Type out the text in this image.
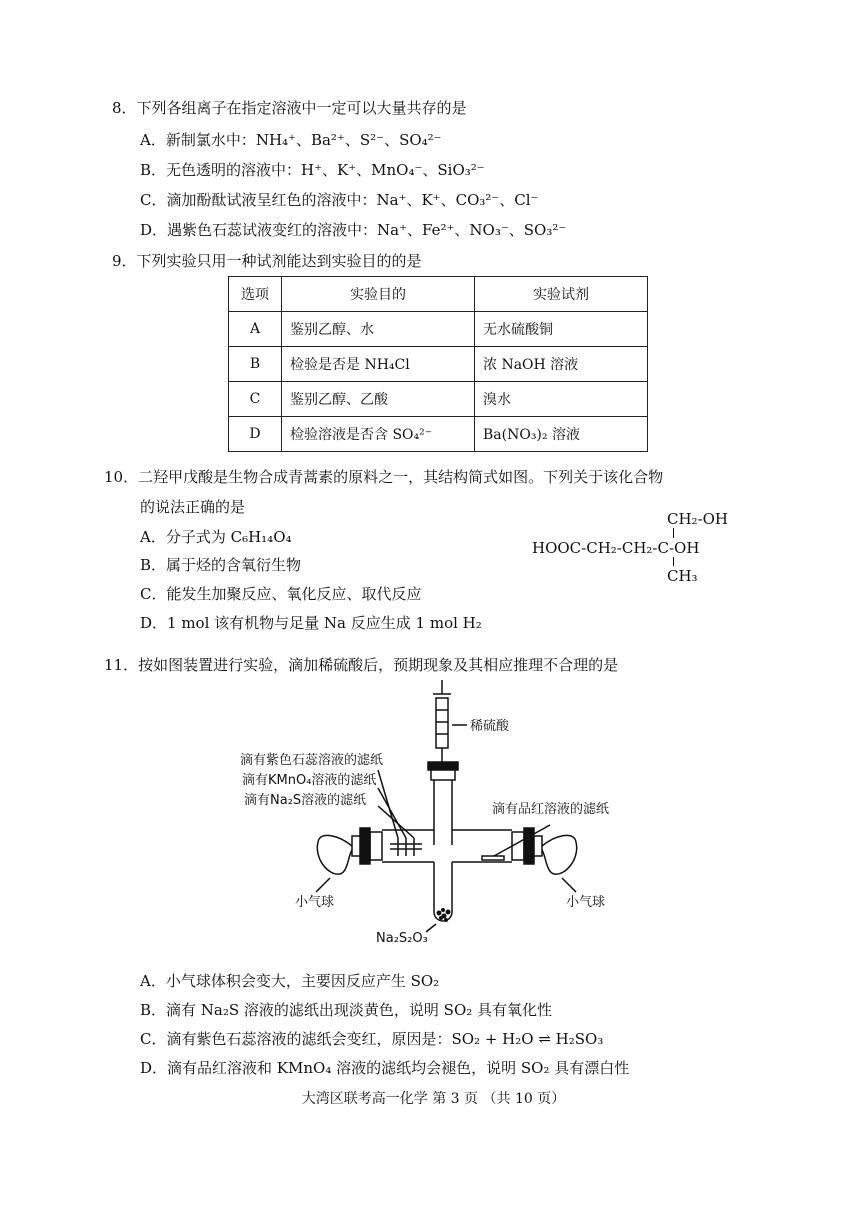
8．下列各组离子在指定溶液中一定可以大量共存的是
A．新制氯水中：NH₄⁺、Ba²⁺、S²⁻、SO₄²⁻
B．无色透明的溶液中：H⁺、K⁺、MnO₄⁻、SiO₃²⁻
C．滴加酚酞试液呈红色的溶液中：Na⁺、K⁺、CO₃²⁻、Cl⁻
D．遇紫色石蕊试液变红的溶液中：Na⁺、Fe²⁺、NO₃⁻、SO₃²⁻
9．下列实验只用一种试剂能达到实验目的的是
选项	实验目的	实验试剂
A	鉴别乙醇、水	无水硫酸铜
B	检验是否是 NH₄Cl	浓 NaOH 溶液
C	鉴别乙醇、乙酸	溴水
D	检验溶液是否含 SO₄²⁻	Ba(NO₃)₂ 溶液
10．二羟甲戊酸是生物合成青蒿素的原料之一，其结构简式如图。下列关于该化合物
的说法正确的是
A．分子式为 C₆H₁₄O₄
B．属于烃的含氧衍生物
C．能发生加聚反应、氧化反应、取代反应
D．1 mol 该有机物与足量 Na 反应生成 1 mol H₂
CH₂-OH
HOOC-CH₂-CH₂-C-OH
CH₃
11．按如图装置进行实验，滴加稀硫酸后，预期现象及其相应推理不合理的是
稀硫酸
滴有紫色石蕊溶液的滤纸
滴有KMnO₄溶液的滤纸
滴有Na₂S溶液的滤纸
滴有品红溶液的滤纸
小气球	小气球
Na₂S₂O₃
A．小气球体积会变大，主要因反应产生 SO₂
B．滴有 Na₂S 溶液的滤纸出现淡黄色，说明 SO₂ 具有氧化性
C．滴有紫色石蕊溶液的滤纸会变红，原因是：SO₂ + H₂O ⇌ H₂SO₃
D．滴有品红溶液和 KMnO₄ 溶液的滤纸均会褪色，说明 SO₂ 具有漂白性
大湾区联考高一化学 第 3 页 （共 10 页）
